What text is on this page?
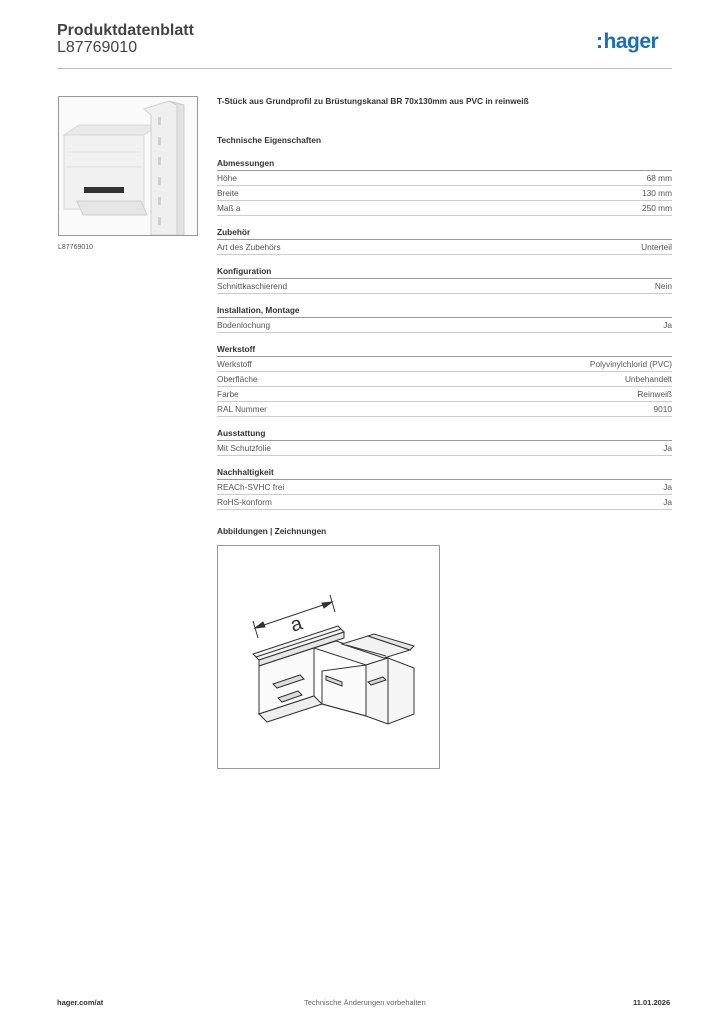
Produktdatenblatt
L87769010	:hager
L87769010
T-Stück aus Grundprofil zu Brüstungskanal BR 70x130mm aus PVC in reinweiß
Technische Eigenschaften
Abmessungen
Höhe	68 mm
Breite	130 mm
Maß a	250 mm
Zubehör
Art des Zubehörs	Unterteil
Konfiguration
Schnittkaschierend	Nein
Installation, Montage
Bodenlochung	Ja
Werkstoff
Werkstoff	Polyvinylchlorid (PVC)
Oberfläche	Unbehandelt
Farbe	Reinweiß
RAL Nummer	9010
Ausstattung
Mit Schutzfolie	Ja
Nachhaltigkeit
REACh-SVHC frei	Ja
RoHS-konform	Ja
Abbildungen | Zeichnungen
a
hager.com/at	Technische Änderungen vorbehalten	11.01.2026
